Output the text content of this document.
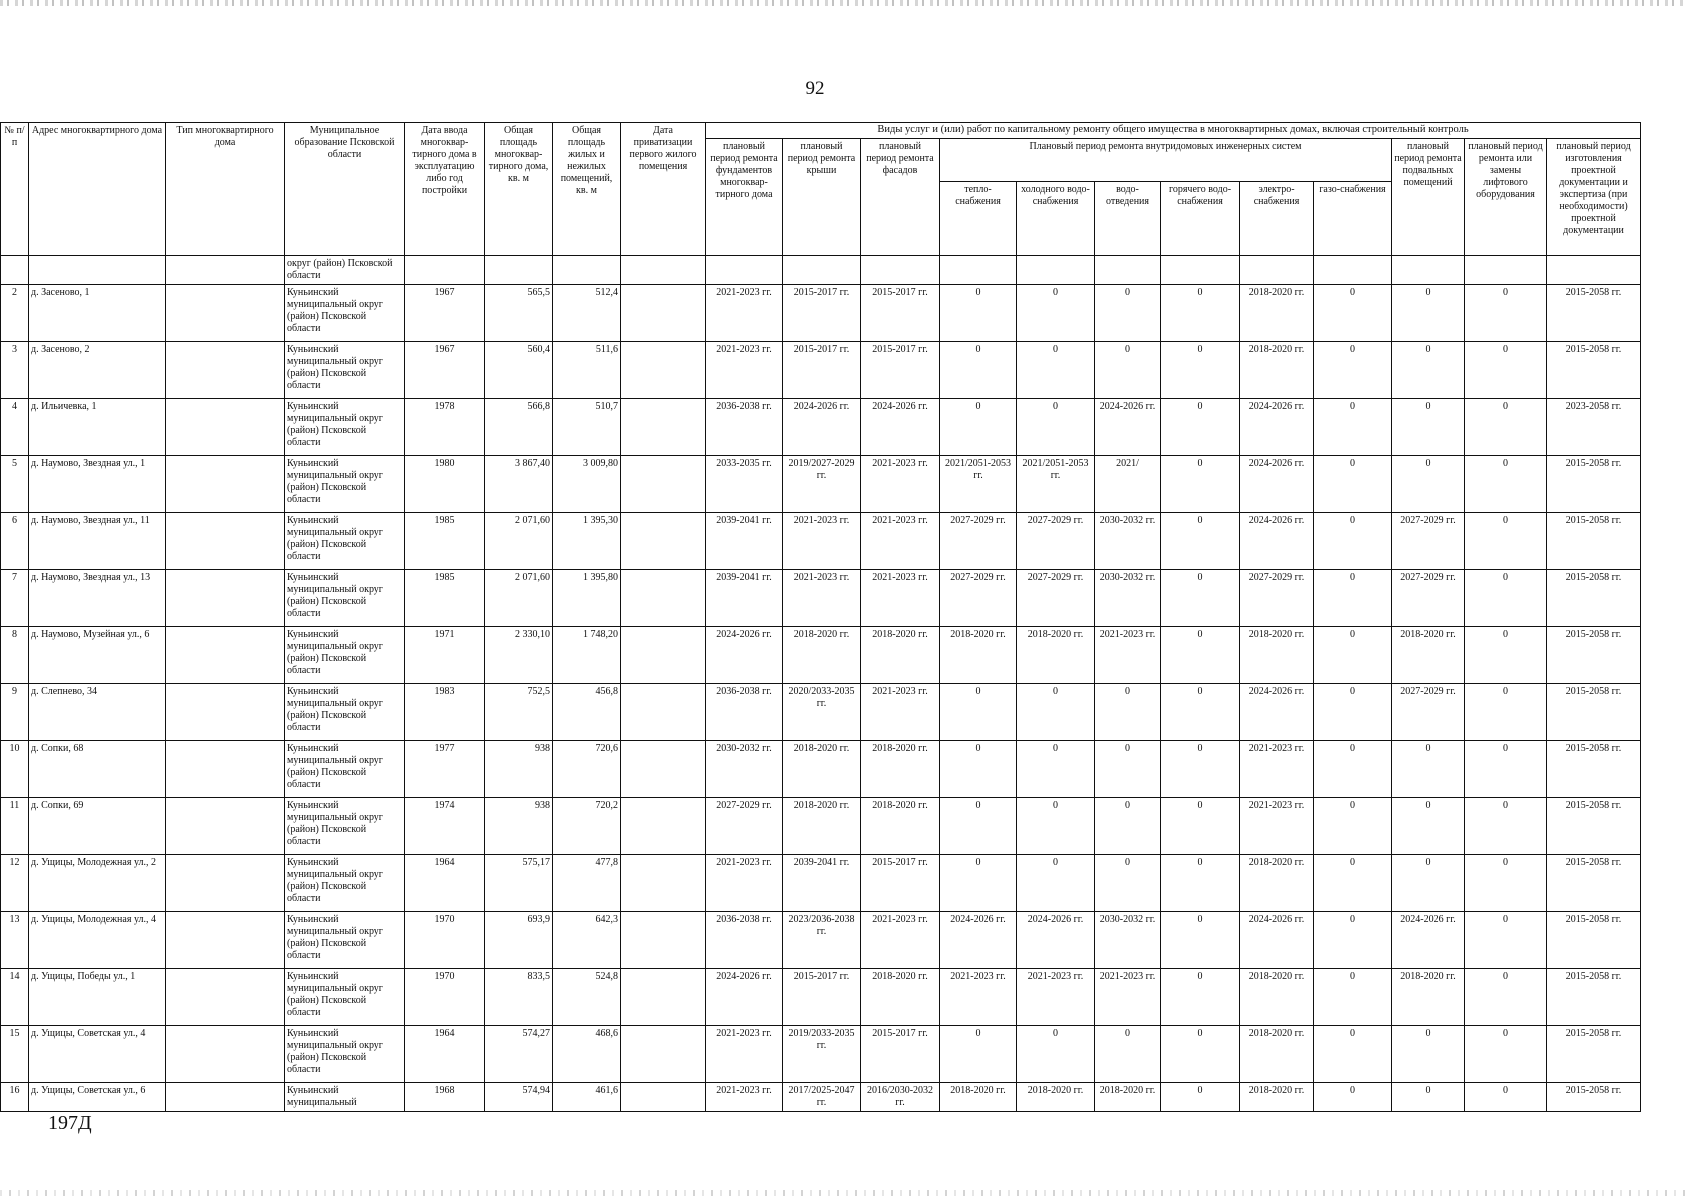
92
№ п/п	Адрес многоквартирного дома	Тип многоквартирного дома	Муниципальное образование Псковской области	Дата ввода многоквар-тирного дома в эксплуатацию либо год постройки	Общая площадь многоквар-тирного дома, кв. м	Общая площадь жилых и нежилых помещений, кв. м	Дата приватизации первого жилого помещения	Виды услуг и (или) работ по капитальному ремонту общего имущества в многоквартирных домах, включая строительный контроль											
								плановый период ремонта фундаментов многоквар-тирного дома	плановый период ремонта крыши	плановый период ремонта фасадов	Плановый период ремонта внутридомовых инженерных систем						плановый период ремонта подвальных помещений	плановый период ремонта или замены лифтового оборудования	плановый период изготовления проектной документации и экспертиза (при необходимости) проектной документации
											тепло-снабжения	холодного водо-снабжения	водо-отведения	горячего водо-снабжения	электро-снабжения	газо-снабжения			
			округ (район) Псковской области																
2	д. Засеново, 1		Куньинский муниципальный округ (район) Псковской области	1967	565,5	512,4		2021-2023 гг.	2015-2017 гг.	2015-2017 гг.	0	0	0	0	2018-2020 гг.	0	0	0	2015-2058 гг.
3	д. Засеново, 2		Куньинский муниципальный округ (район) Псковской области	1967	560,4	511,6		2021-2023 гг.	2015-2017 гг.	2015-2017 гг.	0	0	0	0	2018-2020 гг.	0	0	0	2015-2058 гг.
4	д. Ильичевка, 1		Куньинский муниципальный округ (район) Псковской области	1978	566,8	510,7		2036-2038 гг.	2024-2026 гг.	2024-2026 гг.	0	0	2024-2026 гг.	0	2024-2026 гг.	0	0	0	2023-2058 гг.
5	д. Наумово, Звездная ул., 1		Куньинский муниципальный округ (район) Псковской области	1980	3 867,40	3 009,80		2033-2035 гг.	2019/2027-2029 гг.	2021-2023 гг.	2021/2051-2053 гг.	2021/2051-2053 гг.	2021/	0	2024-2026 гг.	0	0	0	2015-2058 гг.
6	д. Наумово, Звездная ул., 11		Куньинский муниципальный округ (район) Псковской области	1985	2 071,60	1 395,30		2039-2041 гг.	2021-2023 гг.	2021-2023 гг.	2027-2029 гг.	2027-2029 гг.	2030-2032 гг.	0	2024-2026 гг.	0	2027-2029 гг.	0	2015-2058 гг.
7	д. Наумово, Звездная ул., 13		Куньинский муниципальный округ (район) Псковской области	1985	2 071,60	1 395,80		2039-2041 гг.	2021-2023 гг.	2021-2023 гг.	2027-2029 гг.	2027-2029 гг.	2030-2032 гг.	0	2027-2029 гг.	0	2027-2029 гг.	0	2015-2058 гг.
8	д. Наумово, Музейная ул., 6		Куньинский муниципальный округ (район) Псковской области	1971	2 330,10	1 748,20		2024-2026 гг.	2018-2020 гг.	2018-2020 гг.	2018-2020 гг.	2018-2020 гг.	2021-2023 гг.	0	2018-2020 гг.	0	2018-2020 гг.	0	2015-2058 гг.
9	д. Слепнево, 34		Куньинский муниципальный округ (район) Псковской области	1983	752,5	456,8		2036-2038 гг.	2020/2033-2035 гг.	2021-2023 гг.	0	0	0	0	2024-2026 гг.	0	2027-2029 гг.	0	2015-2058 гг.
10	д. Сопки, 68		Куньинский муниципальный округ (район) Псковской области	1977	938	720,6		2030-2032 гг.	2018-2020 гг.	2018-2020 гг.	0	0	0	0	2021-2023 гг.	0	0	0	2015-2058 гг.
11	д. Сопки, 69		Куньинский муниципальный округ (район) Псковской области	1974	938	720,2		2027-2029 гг.	2018-2020 гг.	2018-2020 гг.	0	0	0	0	2021-2023 гг.	0	0	0	2015-2058 гг.
12	д. Ущицы, Молодежная ул., 2		Куньинский муниципальный округ (район) Псковской области	1964	575,17	477,8		2021-2023 гг.	2039-2041 гг.	2015-2017 гг.	0	0	0	0	2018-2020 гг.	0	0	0	2015-2058 гг.
13	д. Ущицы, Молодежная ул., 4		Куньинский муниципальный округ (район) Псковской области	1970	693,9	642,3		2036-2038 гг.	2023/2036-2038 гг.	2021-2023 гг.	2024-2026 гг.	2024-2026 гг.	2030-2032 гг.	0	2024-2026 гг.	0	2024-2026 гг.	0	2015-2058 гг.
14	д. Ущицы, Победы ул., 1		Куньинский муниципальный округ (район) Псковской области	1970	833,5	524,8		2024-2026 гг.	2015-2017 гг.	2018-2020 гг.	2021-2023 гг.	2021-2023 гг.	2021-2023 гг.	0	2018-2020 гг.	0	2018-2020 гг.	0	2015-2058 гг.
15	д. Ущицы, Советская ул., 4		Куньинский муниципальный округ (район) Псковской области	1964	574,27	468,6		2021-2023 гг.	2019/2033-2035 гг.	2015-2017 гг.	0	0	0	0	2018-2020 гг.	0	0	0	2015-2058 гг.
16	д. Ущицы, Советская ул., 6		Куньинский муниципальный	1968	574,94	461,6		2021-2023 гг.	2017/2025-2047 гг.	2016/2030-2032 гг.	2018-2020 гг.	2018-2020 гг.	2018-2020 гг.	0	2018-2020 гг.	0	0	0	2015-2058 гг.
197Д
